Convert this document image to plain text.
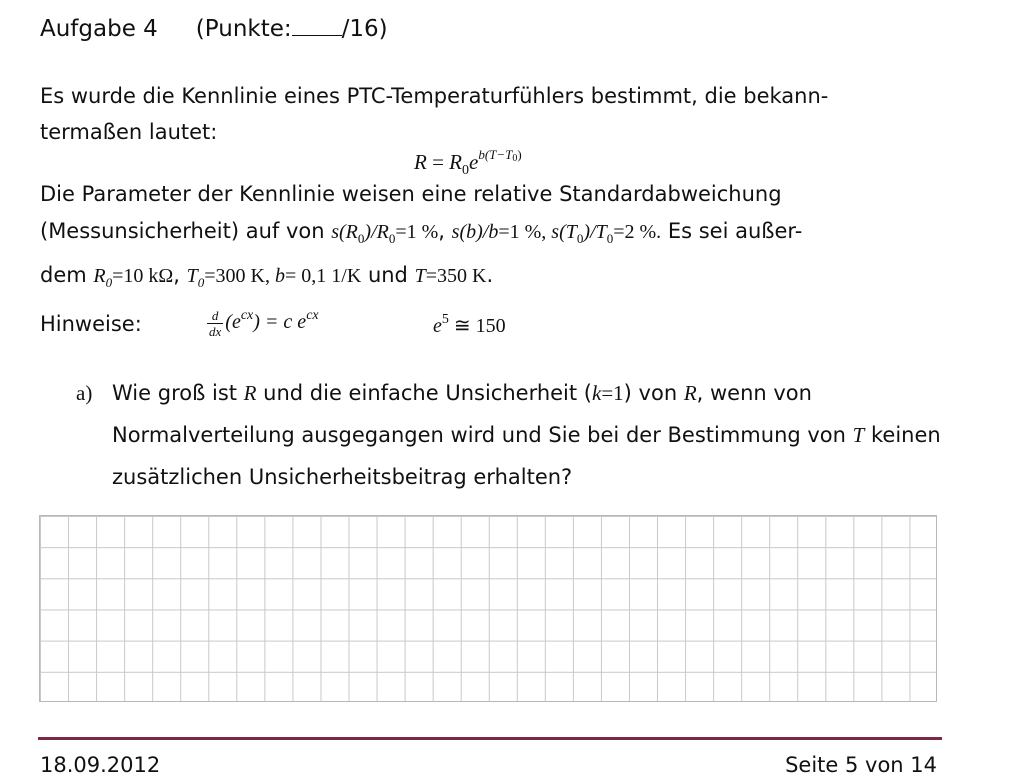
Aufgabe 4 (Punkte: /16)
Es wurde die Kennlinie eines PTC-Temperaturfühlers bestimmt, die bekann-
termaßen lautet:
$R = R_0e^{b(T-T_0)}$
Die Parameter der Kennlinie weisen eine relative Standardabweichung
(Messunsicherheit) auf von $s(R_0)/R_0=1$ %, s(b)/b=1 %, $s(T_0)/T_0=2$ %. Es sei außer-
dem $R_0=10$ kΩ, $T_0=300$ K, b= 0,1 1/K und T=350 K.
Hinweise:	$\frac{d}{dx} (e^{cx}) = c$ $e^{cx}$	$e^5$ ≅ 150
a) Wie groß ist R und die einfache Unsicherheit (k=1) von R, wenn von Normalverteilung ausgegangen wird und Sie bei der Bestimmung von T keinen zusätzlichen Unsicherheitsbeitrag erhalten?
18.09.2012	Seite 5 von 14
